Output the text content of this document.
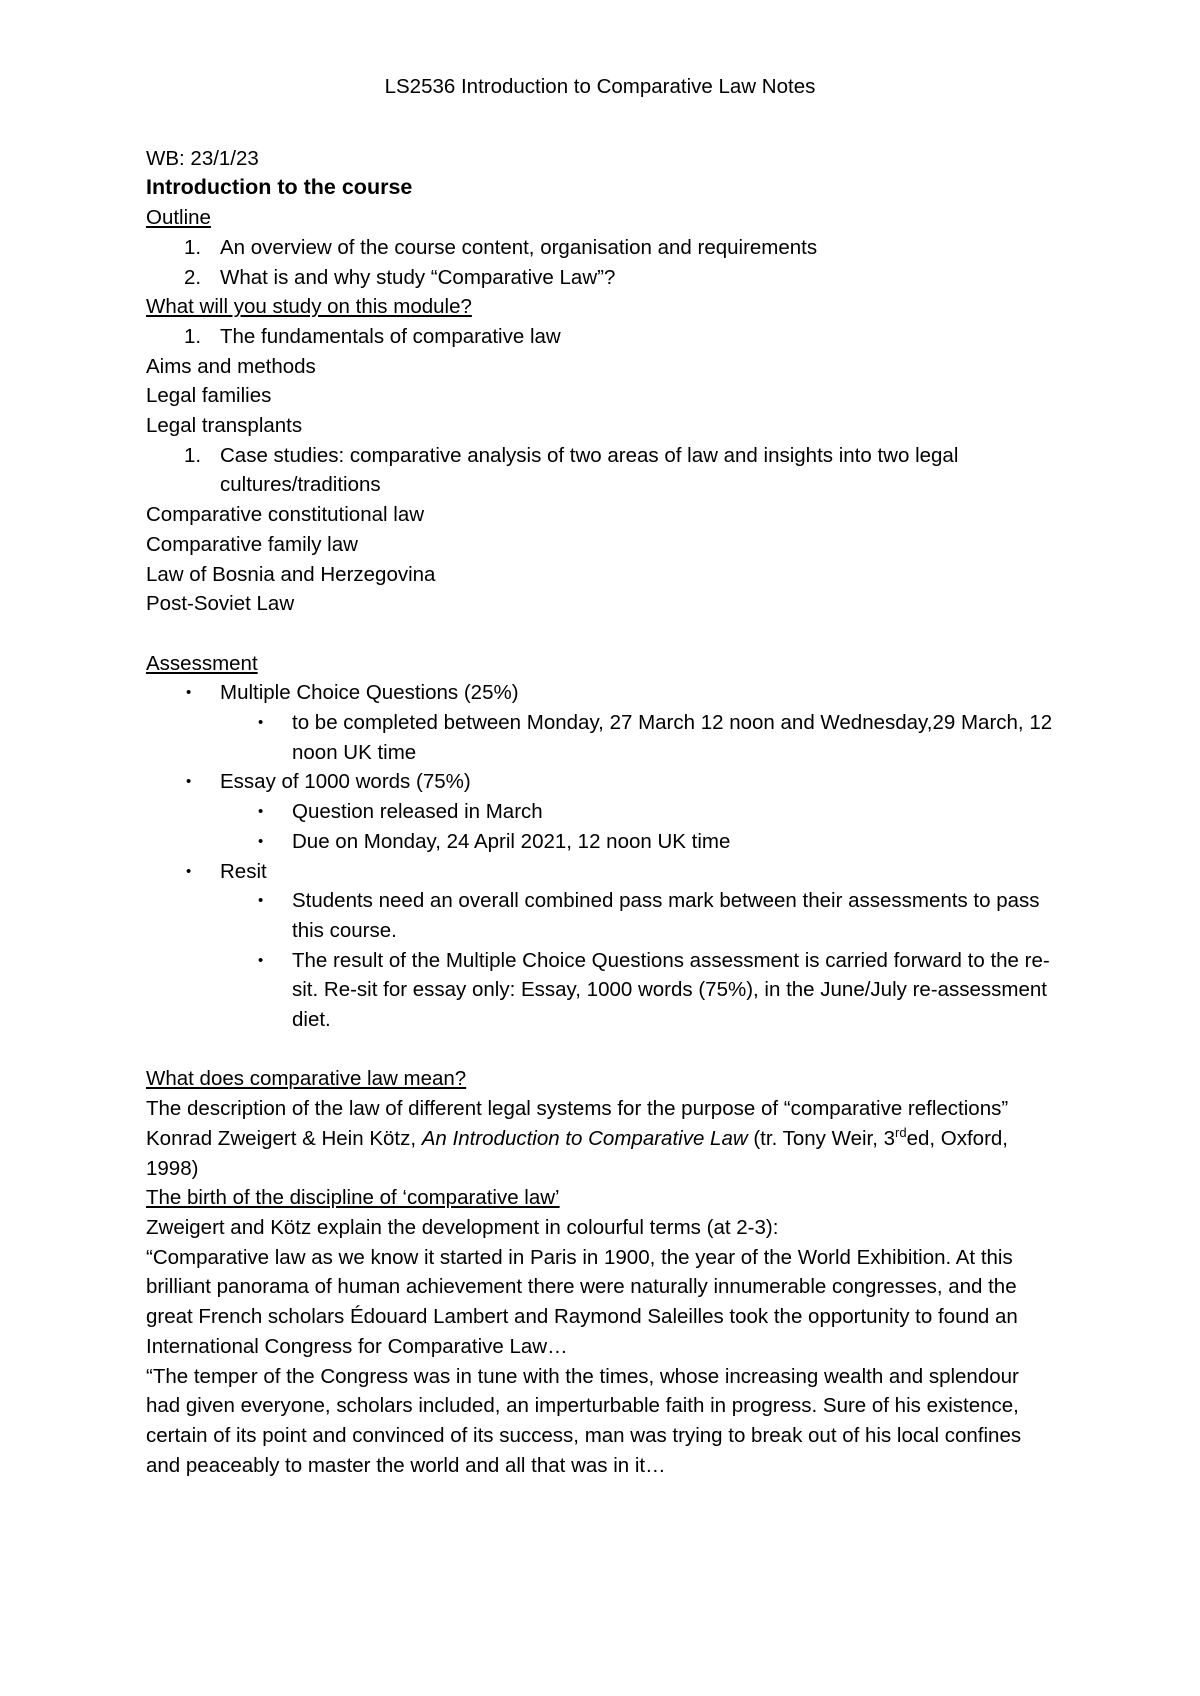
LS2536 Introduction to Comparative Law Notes

WB: 23/1/23

Introduction to the course

Outline

1. An overview of the course content, organisation and requirements
2. What is and why study “Comparative Law”?

What will you study on this module?

1. The fundamentals of comparative law

Aims and methods

Legal families

Legal transplants

1. Case studies: comparative analysis of two areas of law and insights into two legal cultures/traditions

Comparative constitutional law

Comparative family law

Law of Bosnia and Herzegovina

Post-Soviet Law

Assessment

• Multiple Choice Questions (25%)
• to be completed between Monday, 27 March 12 noon and Wednesday,29 March, 12 noon UK time
• Essay of 1000 words (75%)
• Question released in March
• Due on Monday, 24 April 2021, 12 noon UK time
• Resit
• Students need an overall combined pass mark between their assessments to pass this course.
• The result of the Multiple Choice Questions assessment is carried forward to the re-sit. Re-sit for essay only: Essay, 1000 words (75%), in the June/July re-assessment diet.

What does comparative law mean?

The description of the law of different legal systems for the purpose of “comparative reflections”

Konrad Zweigert & Hein Kötz, An Introduction to Comparative Law (tr. Tony Weir, 3rded, Oxford, 1998)

The birth of the discipline of ‘comparative law’

Zweigert and Kötz explain the development in colourful terms (at 2-3):

“Comparative law as we know it started in Paris in 1900, the year of the World Exhibition. At this brilliant panorama of human achievement there were naturally innumerable congresses, and the great French scholars Édouard Lambert and Raymond Saleilles took the opportunity to found an International Congress for Comparative Law…

“The temper of the Congress was in tune with the times, whose increasing wealth and splendour had given everyone, scholars included, an imperturbable faith in progress. Sure of his existence, certain of its point and convinced of its success, man was trying to break out of his local confines and peaceably to master the world and all that was in it…
